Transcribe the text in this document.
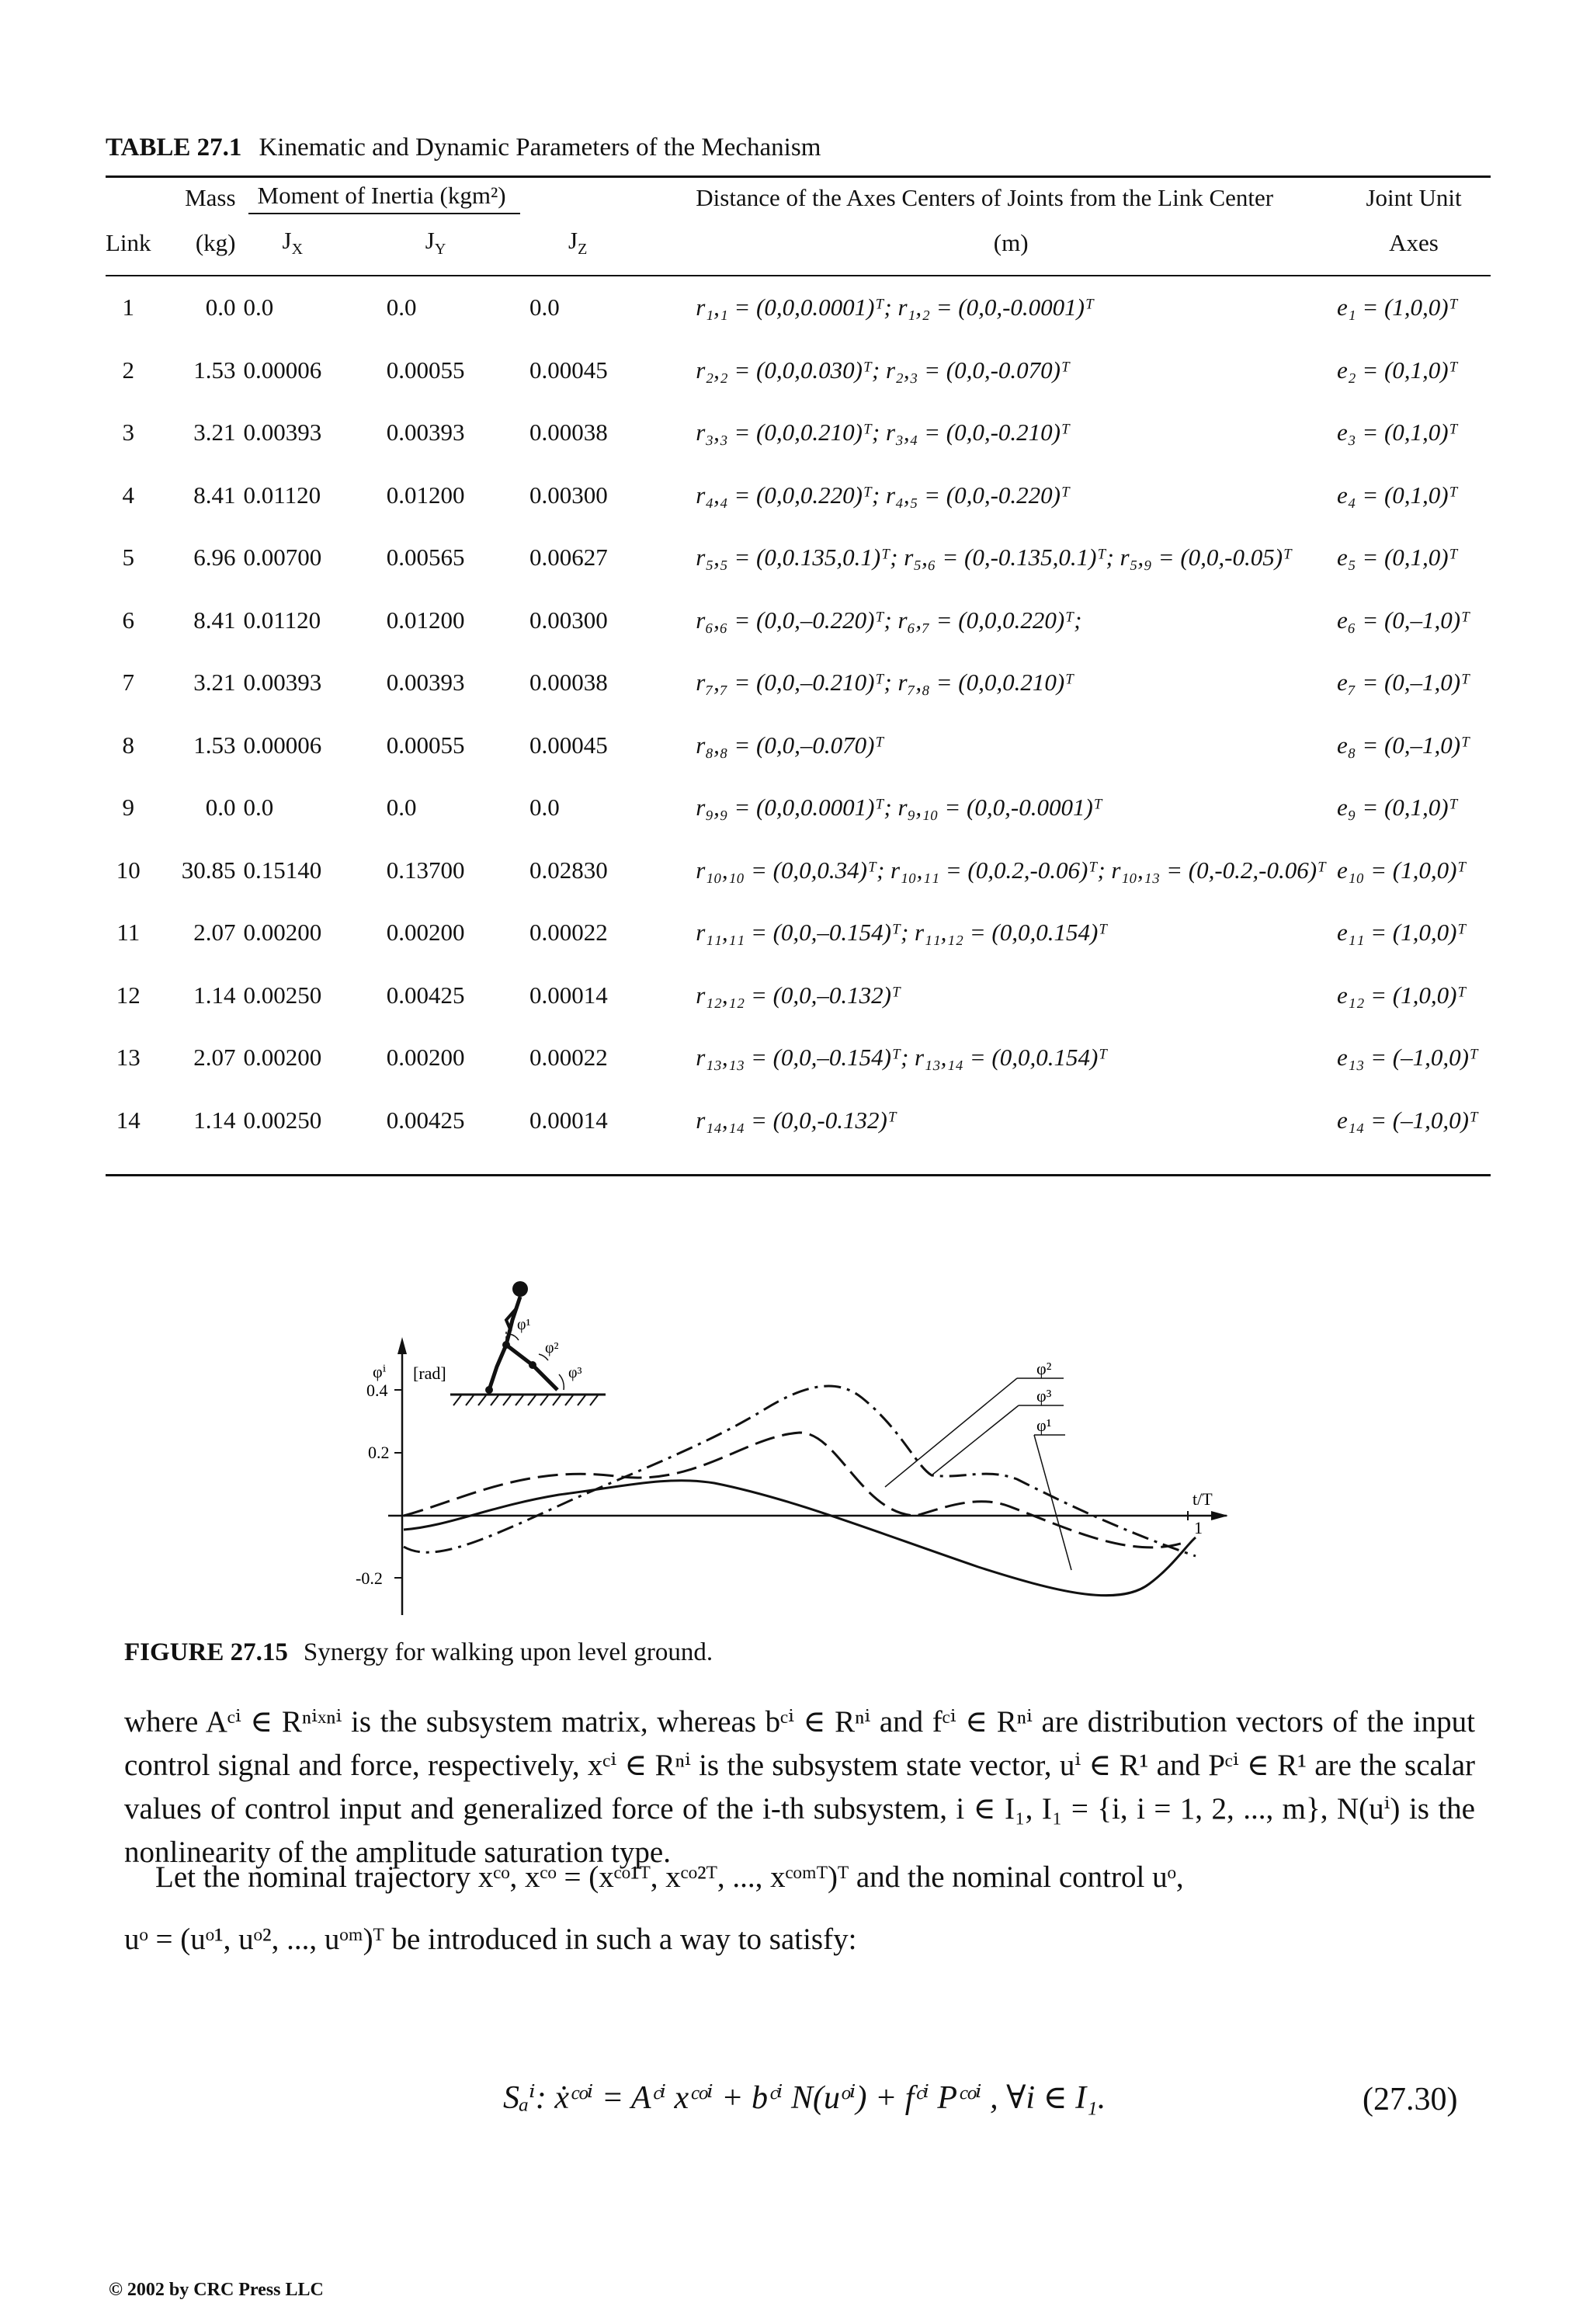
TABLE 27.1 Kinematic and Dynamic Parameters of the Mechanism
	Mass	Moment of Inertia (kgm²)			Distance of the Axes Centers of Joints from the Link Center	Joint Unit
Link	(kg)	$J_X$	$J_Y$	$J_Z$	(m)	Axes

1	0.0	0.0	0.0	0.0	r₁,₁ = (0,0,0.0001)ᵀ; r₁,₂ = (0,0,-0.0001)ᵀ	e₁ = (1,0,0)ᵀ
2	1.53	0.00006	0.00055	0.00045	r₂,₂ = (0,0,0.030)ᵀ; r₂,₃ = (0,0,-0.070)ᵀ	e₂ = (0,1,0)ᵀ
3	3.21	0.00393	0.00393	0.00038	r₃,₃ = (0,0,0.210)ᵀ; r₃,₄ = (0,0,-0.210)ᵀ	e₃ = (0,1,0)ᵀ
4	8.41	0.01120	0.01200	0.00300	r₄,₄ = (0,0,0.220)ᵀ; r₄,₅ = (0,0,-0.220)ᵀ	e₄ = (0,1,0)ᵀ
5	6.96	0.00700	0.00565	0.00627	r₅,₅ = (0,0.135,0.1)ᵀ; r₅,₆ = (0,-0.135,0.1)ᵀ; r₅,₉ = (0,0,-0.05)ᵀ	e₅ = (0,1,0)ᵀ
6	8.41	0.01120	0.01200	0.00300	r₆,₆ = (0,0,–0.220)ᵀ; r₆,₇ = (0,0,0.220)ᵀ;	e₆ = (0,–1,0)ᵀ
7	3.21	0.00393	0.00393	0.00038	r₇,₇ = (0,0,–0.210)ᵀ; r₇,₈ = (0,0,0.210)ᵀ	e₇ = (0,–1,0)ᵀ
8	1.53	0.00006	0.00055	0.00045	r₈,₈ = (0,0,–0.070)ᵀ	e₈ = (0,–1,0)ᵀ
9	0.0	0.0	0.0	0.0	r₉,₉ = (0,0,0.0001)ᵀ; r₉,₁₀ = (0,0,-0.0001)ᵀ	e₉ = (0,1,0)ᵀ
10	30.85	0.15140	0.13700	0.02830	r₁₀,₁₀ = (0,0,0.34)ᵀ; r₁₀,₁₁ = (0,0.2,-0.06)ᵀ; r₁₀,₁₃ = (0,-0.2,-0.06)ᵀ	e₁₀ = (1,0,0)ᵀ
11	2.07	0.00200	0.00200	0.00022	r₁₁,₁₁ = (0,0,–0.154)ᵀ; r₁₁,₁₂ = (0,0,0.154)ᵀ	e₁₁ = (1,0,0)ᵀ
12	1.14	0.00250	0.00425	0.00014	r₁₂,₁₂ = (0,0,–0.132)ᵀ	e₁₂ = (1,0,0)ᵀ
13	2.07	0.00200	0.00200	0.00022	r₁₃,₁₃ = (0,0,–0.154)ᵀ; r₁₃,₁₄ = (0,0,0.154)ᵀ	e₁₃ = (–1,0,0)ᵀ
14	1.14	0.00250	0.00425	0.00014	r₁₄,₁₄ = (0,0,-0.132)ᵀ	e₁₄ = (–1,0,0)ᵀ
φⁱ [rad]
0.4
0.2
-0.2
t/T
1
φ²
φ³
φ¹
φ¹
φ²
φ³
FIGURE 27.15 Synergy for walking upon level ground.
where Aᶜⁱ ∈ Rⁿⁱˣⁿⁱ is the subsystem matrix, whereas bᶜⁱ ∈ Rⁿⁱ and fᶜⁱ ∈ Rⁿⁱ are distribution vectors of the input control signal and force, respectively, xᶜⁱ ∈ Rⁿⁱ is the subsystem state vector, uⁱ ∈ R¹ and Pᶜⁱ ∈ R¹ are the scalar values of control input and generalized force of the i-th subsystem, i ∈ I₁, I₁ = {i, i = 1, 2, ..., m}, N(uⁱ) is the nonlinearity of the amplitude saturation type.
Let the nominal trajectory xᶜᵒ, xᶜᵒ = (xᶜᵒ¹ᵀ, xᶜᵒ²ᵀ, ..., xᶜᵒᵐᵀ)ᵀ and the nominal control uᵒ,
uᵒ = (uᵒ¹, uᵒ², ..., uᵒᵐ)ᵀ be introduced in such a way to satisfy:
Sₐⁱ: ẋᶜᵒⁱ = Aᶜⁱ xᶜᵒⁱ + bᶜⁱ N(uᵒⁱ) + fᶜⁱ Pᶜᵒⁱ , ∀i ∈ I₁.	(27.30)
© 2002 by CRC Press LLC
